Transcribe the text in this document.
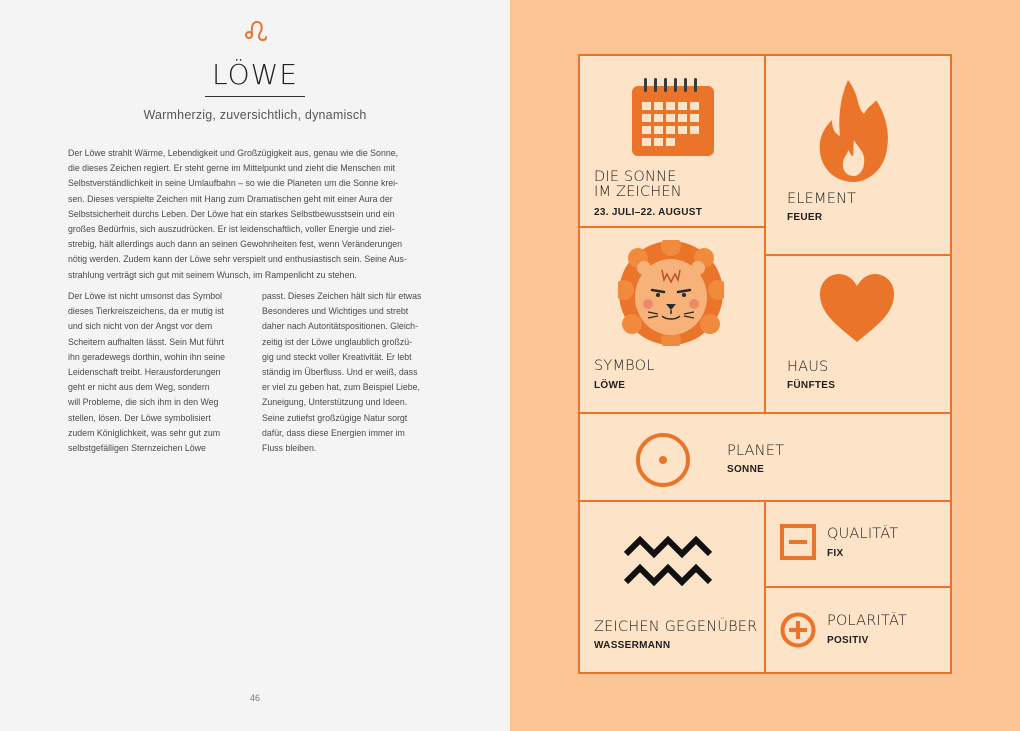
LÖWE
Warmherzig, zuversichtlich, dynamisch
Der Löwe strahlt Wärme, Lebendigkeit und Großzügigkeit aus, genau wie die Sonne,
die dieses Zeichen regiert. Er steht gerne im Mittelpunkt und zieht die Menschen mit
Selbstverständlichkeit in seine Umlaufbahn – so wie die Planeten um die Sonne krei-
sen. Dieses verspielte Zeichen mit Hang zum Dramatischen geht mit einer Aura der
Selbstsicherheit durchs Leben. Der Löwe hat ein starkes Selbstbewusstsein und ein
großes Bedürfnis, sich auszudrücken. Er ist leidenschaftlich, voller Energie und ziel-
strebig, hält allerdings auch dann an seinen Gewohnheiten fest, wenn Veränderungen
nötig werden. Zudem kann der Löwe sehr verspielt und enthusiastisch sein. Seine Aus-
strahlung verträgt sich gut mit seinem Wunsch, im Rampenlicht zu stehen.
Der Löwe ist nicht umsonst das Symbol
dieses Tierkreiszeichens, da er mutig ist
und sich nicht von der Angst vor dem
Scheitern aufhalten lässt. Sein Mut führt
ihn geradewegs dorthin, wohin ihn seine
Leidenschaft treibt. Herausforderungen
geht er nicht aus dem Weg, sondern
will Probleme, die sich ihm in den Weg
stellen, lösen. Der Löwe symbolisiert
zudem Königlichkeit, was sehr gut zum
selbstgefälligen Sternzeichen Löwe
passt. Dieses Zeichen hält sich für etwas
Besonderes und Wichtiges und strebt
daher nach Autoritätspositionen. Gleich-
zeitig ist der Löwe unglaublich großzü-
gig und steckt voller Kreativität. Er lebt
ständig im Überfluss. Und er weiß, dass
er viel zu geben hat, zum Beispiel Liebe,
Zuneigung, Unterstützung und Ideen.
Seine zutiefst großzügige Natur sorgt
dafür, dass diese Energien immer im
Fluss bleiben.
46
DIE SONNE
IM ZEICHEN
23. JULI–22. AUGUST
ELEMENT
FEUER
SYMBOL
LÖWE
HAUS
FÜNFTES
PLANET
SONNE
ZEICHEN GEGENÜBER
WASSERMANN
QUALITÄT
FIX
POLARITÄT
POSITIV
